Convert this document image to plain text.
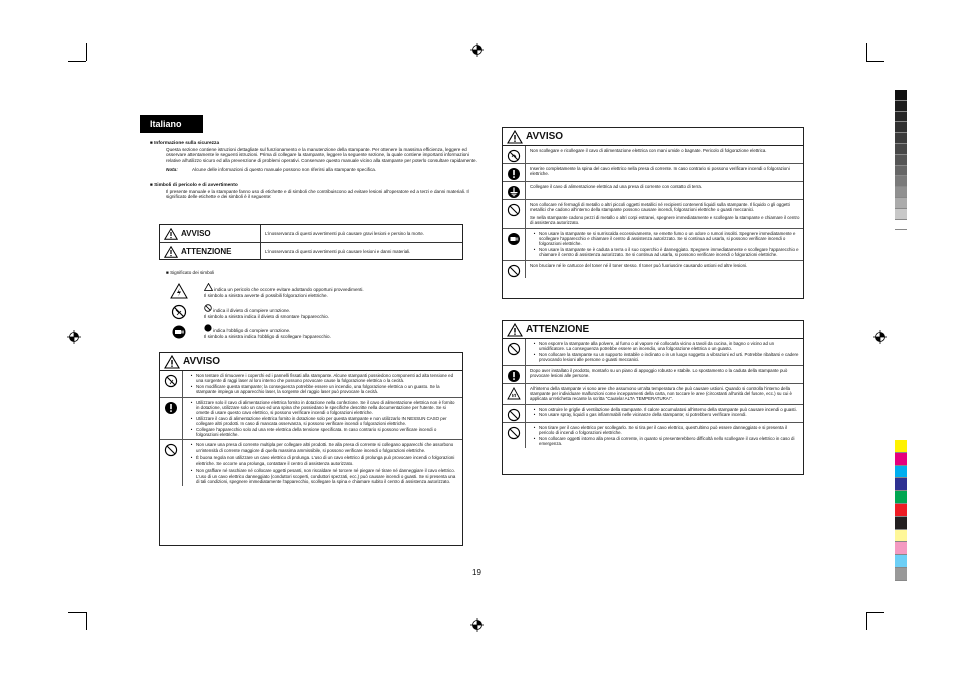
Italiano
■ Informazione sulla sicurezza
Questa sezione contiene istruzioni dettagliate sul funzionamento e la manutenzione della stampante. Per ottenere la massima efficienza, leggere ed osservare attentamente le seguenti istruzioni. Prima di collegare la stampante, leggere la seguente sezione, la quale contiene importanti informazioni relative all'utilizzo sicuro ed alla prevenzione di problemi operativi. Conservare questo manuale vicino alla stampante per poterlo consultare rapidamente.
Nota:	Alcune delle informazioni di questo manuale possono non riferirsi alla stampante specifica.
■ Simboli di pericolo e di avvertimento
Il presente manuale e la stampante fanno uso di etichette e di simboli che contribuiscono ad evitare lesioni all'operatore ed a terzi e danni materiali. Il significato delle etichette e dei simboli è il seguente:
AVVISO	L'inosservanza di questi avvertimenti può causare gravi lesioni e persino la morte.
ATTENZIONE	L'inosservanza di questi avvertimenti può causare lesioni e danni materiali.
■ Significato dei simboli
indica un pericolo che occorre evitare adottando opportuni provvedimenti.
Il simbolo a sinistra avverte di possibili folgorazioni elettriche.
indica il divieto di compiere un'azione.
Il simbolo a sinistra indica il divieto di smontare l'apparecchio.
indica l'obbligo di compiere un'azione.
Il simbolo a sinistra indica l'obbligo di scollegare l'apparecchio.
AVVISO
• Non tentare di rimuovere i coperchi ed i pannelli fissati alla stampante. Alcune stampanti possiedono componenti ad alta tensione ed una sorgente di raggi laser al loro interno che possono provocare cause la folgorazione elettrica o la cecità.
• Non modificare questa stampante; la conseguenza potrebbe essere un incendio, una folgorazione elettrica o un guasto. Se la stampante impiega un apparecchio laser, la sorgente del raggio laser può provocare la cecità.
• Utilizzare solo il cavo di alimentazione elettrica fornito in dotazione nella confezione. Se il cavo di alimentazione elettrica non è fornito in dotazione, utilizzare solo un cavo ed una spina che possiedano le specifiche descritte nella documentazione per l'utente. Se si omette di usare questo cavo elettrico, si possono verificare incendi o folgorazioni elettriche.
• Utilizzare il cavo di alimentazione elettrica fornito in dotazione solo per questa stampante e non utilizzarlo IN NESSUN CASO per collegare altri prodotti. In caso di mancata osservanza, si possono verificare incendi o folgorazioni elettriche.
• Collegare l'apparecchio solo ad una rete elettrica della tensione specificata. In caso contrario si possono verificare incendi o folgorazioni elettriche.
• Non usare una presa di corrente multipla per collegare altri prodotti. Se alla presa di corrente si collegano apparecchi che assorbono un'intensità di corrente maggiore di quella massima ammissibile, si possono verificare incendi o folgorazioni elettriche.
• È buona regola non utilizzare un cavo elettrico di prolunga. L'uso di un cavo elettrico di prolunga può provocare incendi o folgorazioni elettriche. Se occorre una prolunga, contattare il centro di assistenza autorizzato.
• Non graffiare né raschiare né collocare oggetti pesanti, non riscaldare né torcere né piegare né tirare né danneggiare il cavo elettrico. L'uso di un cavo elettrico danneggiato (conduttori scoperti, conduttori spezzati, ecc.) può causare incendi o guasti. Se si presenta una di tali condizioni, spegnere immediatamente l'apparecchio, scollegare la spina e chiamare subito il centro di assistenza autorizzato.
AVVISO
Non scollegare e ricollegare il cavo di alimentazione elettrica con mani umide o bagnate. Pericolo di folgorazione elettrica.
Inserire completamente la spina del cavo elettrico nella presa di corrente. In caso contrario si possono verificare incendi o folgorazioni elettriche.
Collegare il cavo di alimentazione elettrica ad una presa di corrente con contatto di terra.
Non collocare né fermagli di metallo o altri piccoli oggetti metallici né recipienti contenenti liquidi sulla stampante. Il liquido o gli oggetti metallici che cadono all'interno della stampante possono causare incendi, folgorazioni elettriche o guasti meccanici.
Se nella stampante cadono pezzi di metallo o altri corpi estranei, spegnere immediatamente e scollegare la stampante e chiamare il centro di assistenza autorizzato.
• Non usare la stampante se si surriscalda eccessivamente, se emette fumo o un odore o rumori insoliti. Spegnere immediatamente e scollegare l'apparecchio e chiamare il centro di assistenza autorizzato. Se si continua ad usarla, si possono verificare incendi o folgorazioni elettriche.
• Non usare la stampante se è caduta a terra o il suo coperchio è danneggiato. Spegnere immediatamente e scollegare l'apparecchio e chiamare il centro di assistenza autorizzato. Se si continua ad usarla, si possono verificare incendi o folgorazioni elettriche.
Non bruciare né le cartucce del toner né il toner stesso. Il toner può fuoriuscire causando ustioni ed altre lesioni.
ATTENZIONE
• Non esporre la stampante alla polvere, al fumo o al vapore né collocarla vicino a tavoli da cucina, in bagno o vicino ad un umidificatore. La conseguenza potrebbe essere un incendio, una folgorazione elettrica o un guasto.
• Non collocare la stampante su un supporto instabile o inclinato o in un luogo soggetto a vibrazioni ed urti. Potrebbe ribaltarsi e cadere provocando lesioni alle persone o guasti meccanici.
Dopo aver installato il prodotto, montarlo su un piano di appoggio robusto e stabile. Lo spostamento o la caduta della stampante può provocare lesioni alle persone.
All'interno della stampante vi sono aree che assumono un'alta temperatura che può causare ustioni. Quando si controlla l'interno della stampante per individuare malfunzioni come inceppamenti della carta, non toccare le aree (circostanti all'unità del fusore, ecc.) su cui è applicata un'etichetta recante la scritta "Cautela! ALTA TEMPERATURA!".
• Non ostruire le griglie di ventilazione della stampante. Il calore accumulatosi all'interno della stampante può causare incendi o guasti.
• Non usare spray, liquidi o gas infiammabili nelle vicinanze della stampante; si potrebbero verificare incendi.
• Non tirare per il cavo elettrico per scollegarlo. Se si tira per il cavo elettrico, quest'ultimo può essere danneggiato e si presenta il pericolo di incendi o folgorazioni elettriche.
• Non collocare oggetti intorno alla presa di corrente, in quanto si presenterebbero difficoltà nello scollegare il cavo elettrico in caso di emergenza.
19
